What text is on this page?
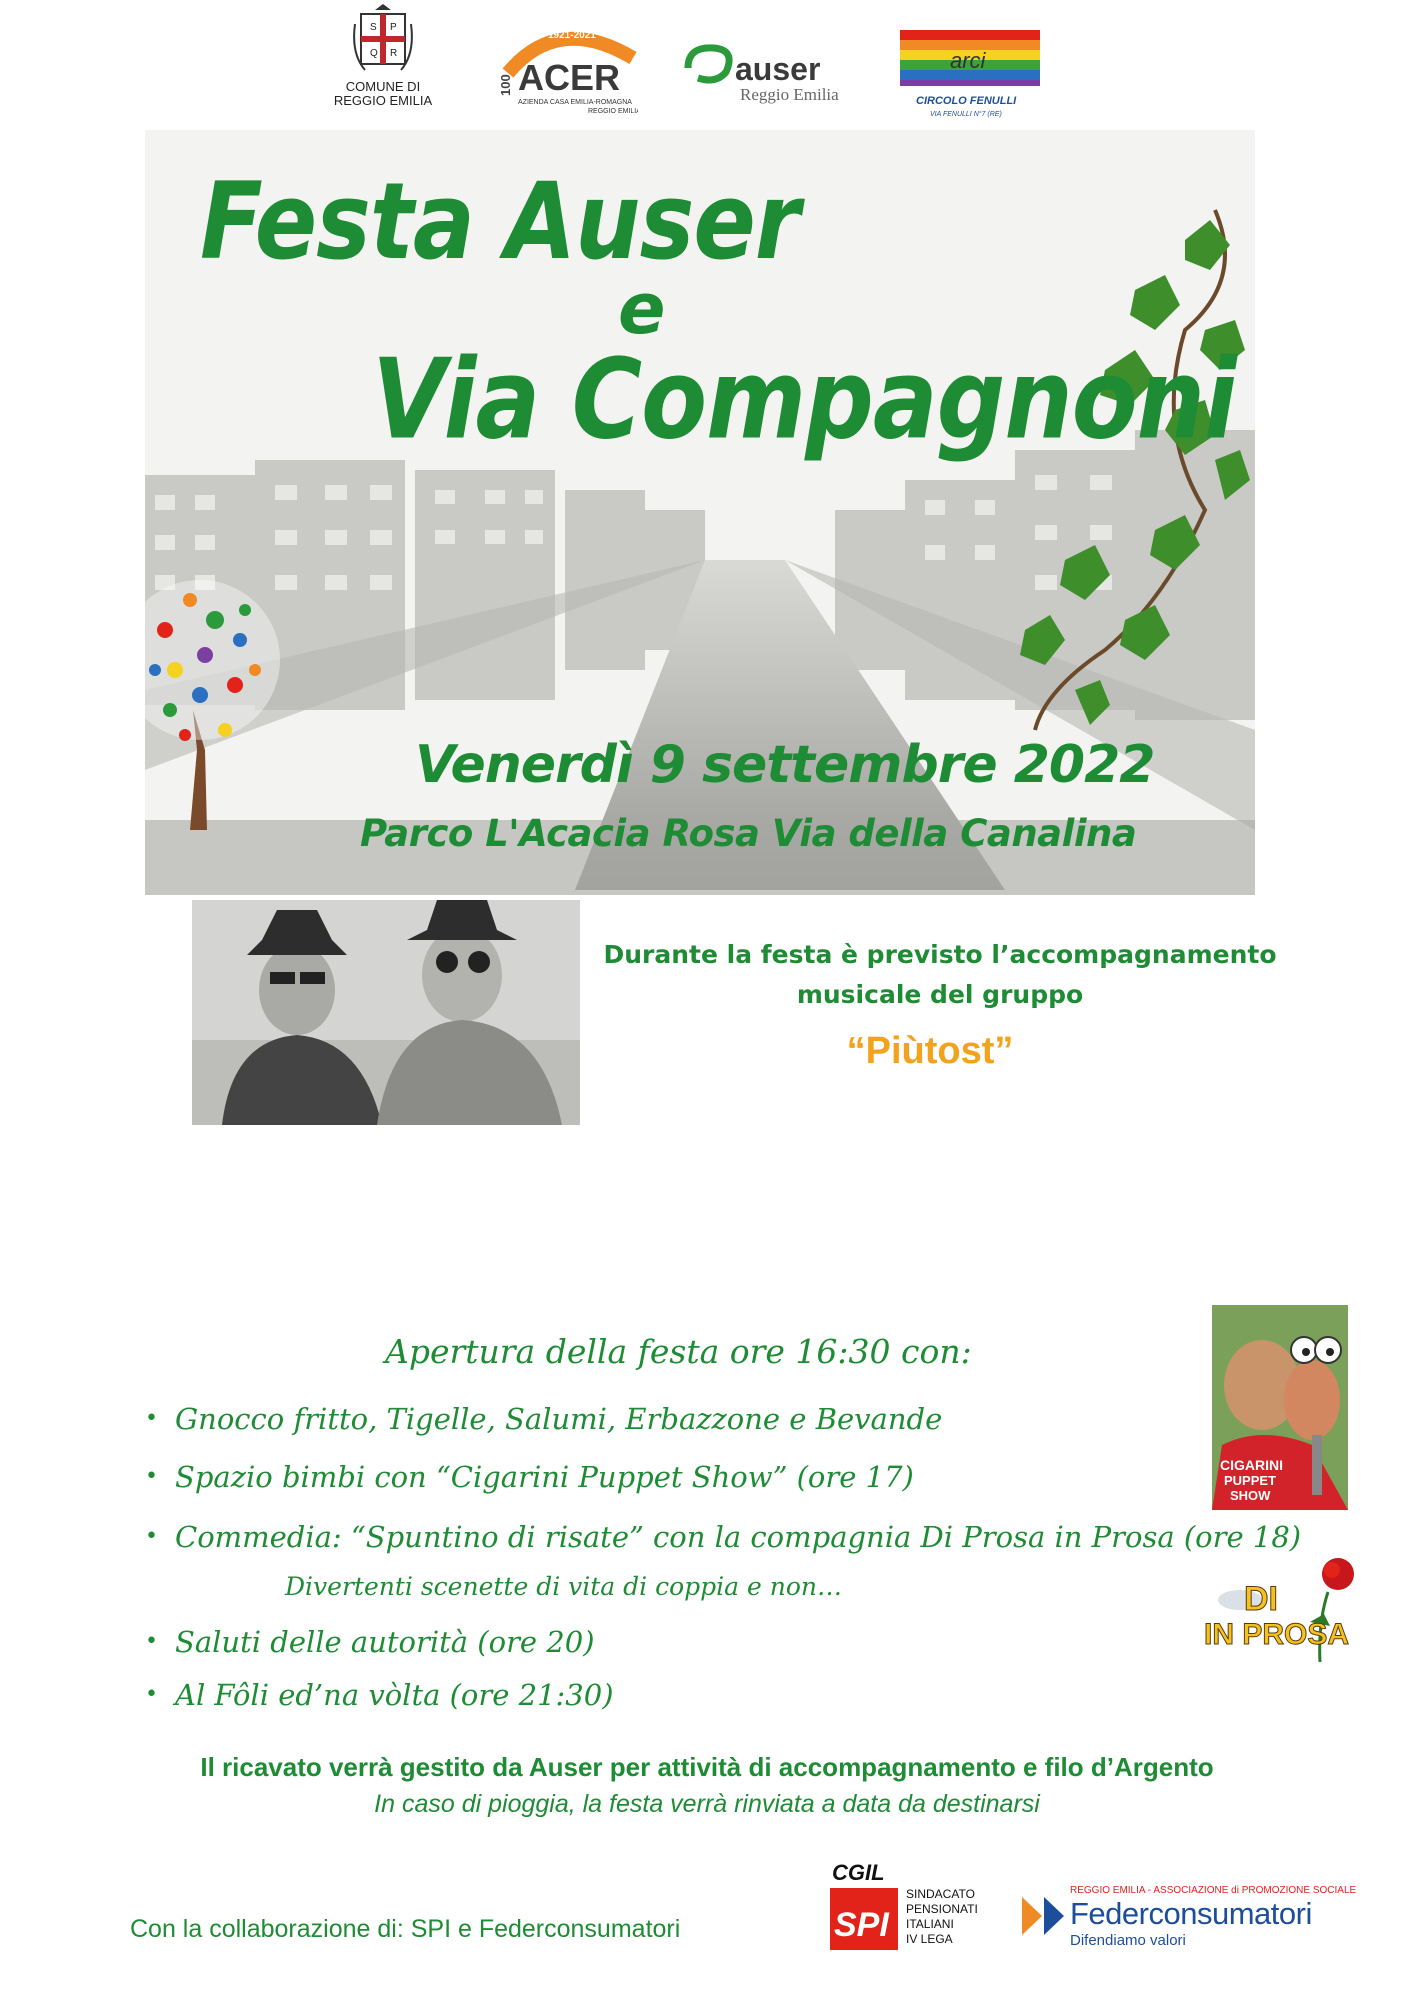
S P
Q R
COMUNE DI
REGGIO EMILIA
1921-2021
100 ACER
AZIENDA CASA EMILIA-ROMAGNA
REGGIO EMILIA
auser
Reggio Emilia
arci
CIRCOLO FENULLI
VIA FENULLI N°7 (RE)
Festa Auser
e
Via Compagnoni
Venerdì 9 settembre 2022
Parco L'Acacia Rosa Via della Canalina
Durante la festa è previsto l’accompagnamento
musicale del gruppo
“Piùtost”
Apertura della festa ore 16:30 con:
• Gnocco fritto, Tigelle, Salumi, Erbazzone e Bevande
• Spazio bimbi con “Cigarini Puppet Show” (ore 17)
• Commedia: “Spuntino di risate” con la compagnia Di Prosa in Prosa (ore 18)
Divertenti scenette di vita di coppia e non…
• Saluti delle autorità (ore 20)
• Al Fôli ed’na vòlta (ore 21:30)
CIGARINI
PUPPET
SHOW
DI
IN PROSA
Il ricavato verrà gestito da Auser per attività di accompagnamento e filo d’Argento
In caso di pioggia, la festa verrà rinviata a data da destinarsi
Con la collaborazione di: SPI e Federconsumatori
CGIL
SPI
SINDACATO
PENSIONATI
ITALIANI
IV LEGA
REGGIO EMILIA - ASSOCIAZIONE di PROMOZIONE SOCIALE
Federconsumatori
Difendiamo valori
